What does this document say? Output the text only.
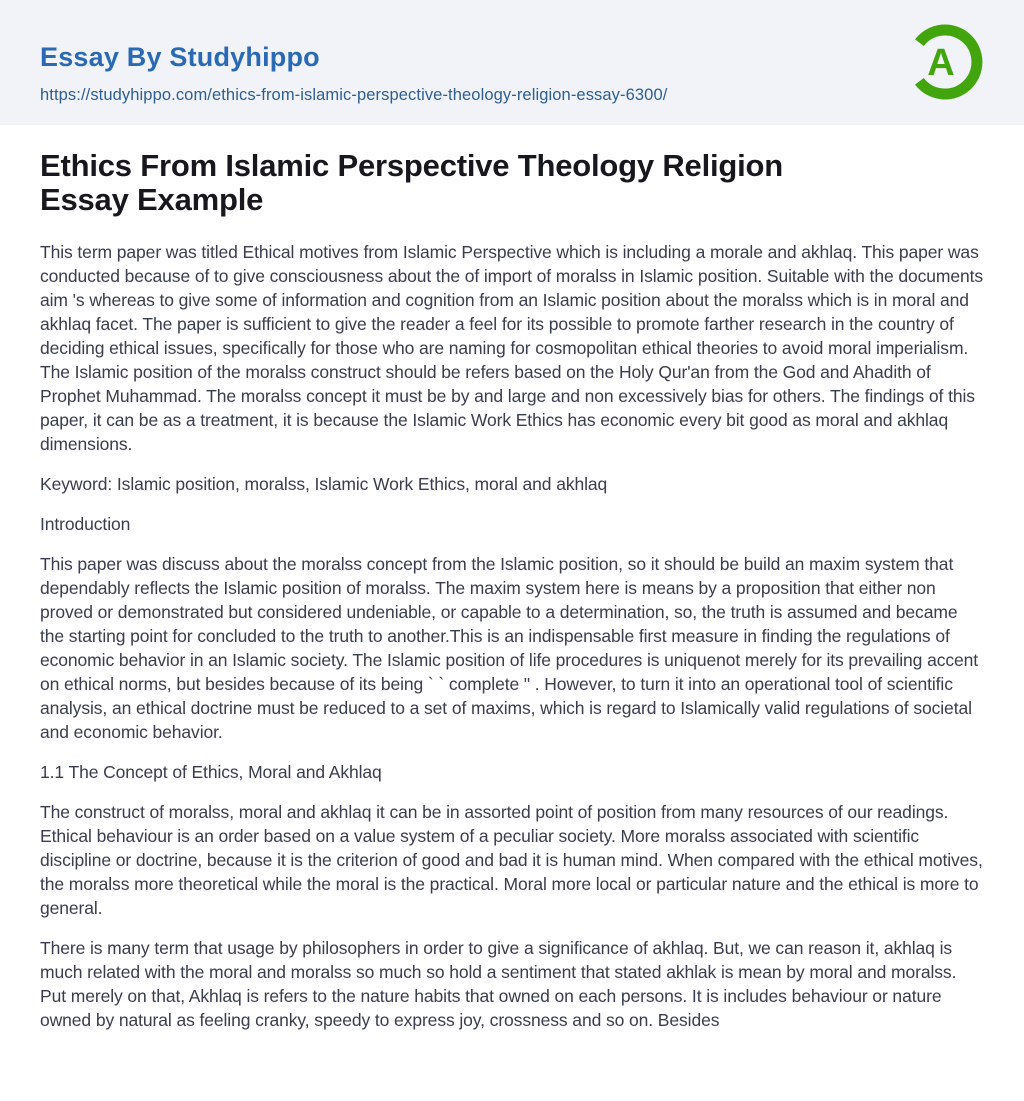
Essay By Studyhippo
https://studyhippo.com/ethics-from-islamic-perspective-theology-religion-essay-6300/
A
Ethics From Islamic Perspective Theology Religion Essay Example

This term paper was titled Ethical motives from Islamic Perspective which is including a morale and akhlaq. This paper was conducted because of to give consciousness about the of import of moralss in Islamic position. Suitable with the documents aim 's whereas to give some of information and cognition from an Islamic position about the moralss which is in moral and akhlaq facet. The paper is sufficient to give the reader a feel for its possible to promote farther research in the country of deciding ethical issues, specifically for those who are naming for cosmopolitan ethical theories to avoid moral imperialism. The Islamic position of the moralss construct should be refers based on the Holy Qur'an from the God and Ahadith of Prophet Muhammad. The moralss concept it must be by and large and non excessively bias for others. The findings of this paper, it can be as a treatment, it is because the Islamic Work Ethics has economic every bit good as moral and akhlaq dimensions.

Keyword: Islamic position, moralss, Islamic Work Ethics, moral and akhlaq

Introduction

This paper was discuss about the moralss concept from the Islamic position, so it should be build an maxim system that dependably reflects the Islamic position of moralss. The maxim system here is means by a proposition that either non proved or demonstrated but considered undeniable, or capable to a determination, so, the truth is assumed and became the starting point for concluded to the truth to another.This is an indispensable first measure in finding the regulations of economic behavior in an Islamic society. The Islamic position of life procedures is uniquenot merely for its prevailing accent on ethical norms, but besides because of its being ` ` complete " . However, to turn it into an operational tool of scientific analysis, an ethical doctrine must be reduced to a set of maxims, which is regard to Islamically valid regulations of societal and economic behavior.

1.1 The Concept of Ethics, Moral and Akhlaq

The construct of moralss, moral and akhlaq it can be in assorted point of position from many resources of our readings. Ethical behaviour is an order based on a value system of a peculiar society. More moralss associated with scientific discipline or doctrine, because it is the criterion of good and bad it is human mind. When compared with the ethical motives, the moralss more theoretical while the moral is the practical. Moral more local or particular nature and the ethical is more to general.

There is many term that usage by philosophers in order to give a significance of akhlaq. But, we can reason it, akhlaq is much related with the moral and moralss so much so hold a sentiment that stated akhlak is mean by moral and moralss. Put merely on that, Akhlaq is refers to the nature habits that owned on each persons. It is includes behaviour or nature owned by natural as feeling cranky, speedy to express joy, crossness and so on. Besides
